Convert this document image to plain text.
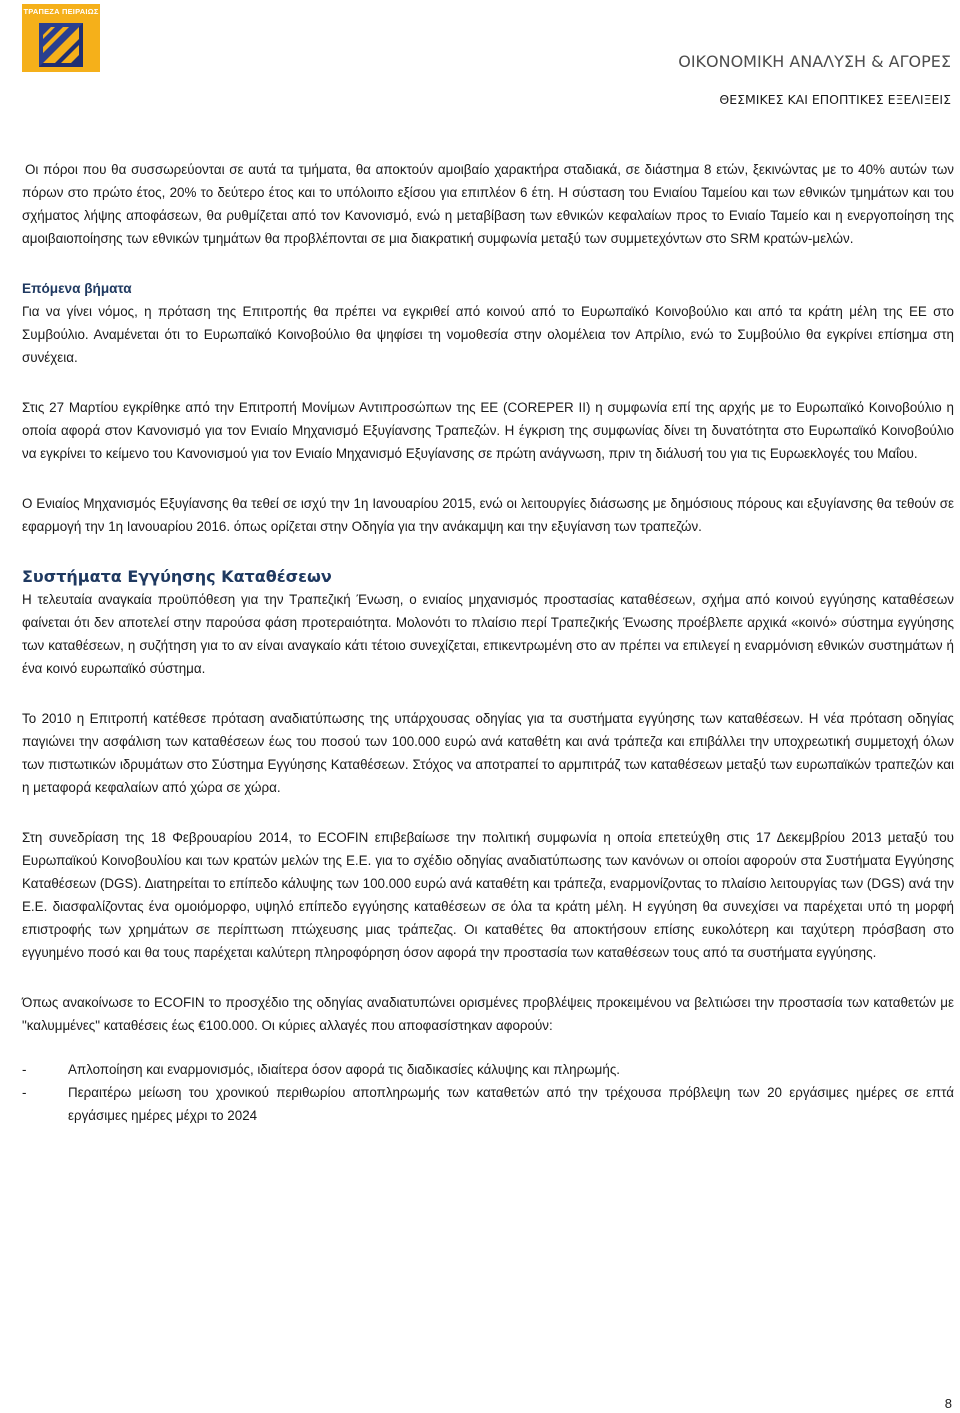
ΤΡΑΠΕΖΑ ΠΕΙΡΑΙΩΣ
ΟΙΚΟΝΟΜΙΚΗ ΑΝΑΛΥΣΗ & ΑΓΟΡΕΣ
ΘΕΣΜΙΚΕΣ ΚΑΙ ΕΠΟΠΤΙΚΕΣ ΕΞΕΛΙΞΕΙΣ

Οι πόροι που θα συσσωρεύονται σε αυτά τα τμήματα, θα αποκτούν αμοιβαίο χαρακτήρα σταδιακά, σε διάστημα 8 ετών, ξεκινώντας με το 40% αυτών των πόρων στο πρώτο έτος, 20% το δεύτερο έτος και το υπόλοιπο εξίσου για επιπλέον 6 έτη. Η σύσταση του Ενιαίου Ταμείου και των εθνικών τμημάτων και του σχήματος λήψης αποφάσεων, θα ρυθμίζεται από τον Κανονισμό, ενώ η μεταβίβαση των εθνικών κεφαλαίων προς το Ενιαίο Ταμείο και η ενεργοποίηση της αμοιβαιοποίησης των εθνικών τμημάτων θα προβλέπονται σε μια διακρατική συμφωνία μεταξύ των συμμετεχόντων στο SRM κρατών-μελών.

Επόμενα βήματα

Για να γίνει νόμος, η πρόταση της Επιτροπής θα πρέπει να εγκριθεί από κοινού από το Ευρωπαϊκό Κοινοβούλιο και από τα κράτη μέλη της ΕΕ στο Συμβούλιο. Αναμένεται ότι το Ευρωπαϊκό Κοινοβούλιο θα ψηφίσει τη νομοθεσία στην ολομέλεια τον Απρίλιο, ενώ το Συμβούλιο θα εγκρίνει επίσημα στη συνέχεια.

Στις 27 Μαρτίου εγκρίθηκε από την Επιτροπή Μονίμων Αντιπροσώπων της ΕΕ (COREPER II) η συμφωνία επί της αρχής με το Ευρωπαϊκό Κοινοβούλιο η οποία αφορά στον Κανονισμό για τον Ενιαίο Μηχανισμό Εξυγίανσης Τραπεζών. Η έγκριση της συμφωνίας δίνει τη δυνατότητα στο Ευρωπαϊκό Κοινοβούλιο να εγκρίνει το κείμενο του Κανονισμού για τον Ενιαίο Μηχανισμό Εξυγίανσης σε πρώτη ανάγνωση, πριν τη διάλυσή του για τις Ευρωεκλογές του Μαΐου.

Ο Ενιαίος Μηχανισμός Εξυγίανσης θα τεθεί σε ισχύ την 1η Ιανουαρίου 2015, ενώ οι λειτουργίες διάσωσης με δημόσιους πόρους και εξυγίανσης θα τεθούν σε εφαρμογή την 1η Ιανουαρίου 2016. όπως ορίζεται στην Οδηγία για την ανάκαμψη και την εξυγίανση των τραπεζών.

Συστήματα Εγγύησης Καταθέσεων

Η τελευταία αναγκαία προϋπόθεση για την Τραπεζική Ένωση, ο ενιαίος μηχανισμός προστασίας καταθέσεων, σχήμα από κοινού εγγύησης καταθέσεων φαίνεται ότι δεν αποτελεί στην παρούσα φάση προτεραιότητα. Μολονότι το πλαίσιο περί Τραπεζικής Ένωσης προέβλεπε αρχικά «κοινό» σύστημα εγγύησης των καταθέσεων, η συζήτηση για το αν είναι αναγκαίο κάτι τέτοιο συνεχίζεται, επικεντρωμένη στο αν πρέπει να επιλεγεί η εναρμόνιση εθνικών συστημάτων ή ένα κοινό ευρωπαϊκό σύστημα.

Το 2010 η Επιτροπή κατέθεσε πρόταση αναδιατύπωσης της υπάρχουσας οδηγίας για τα συστήματα εγγύησης των καταθέσεων. Η νέα πρόταση οδηγίας παγιώνει την ασφάλιση των καταθέσεων έως του ποσού των 100.000 ευρώ ανά καταθέτη και ανά τράπεζα και επιβάλλει την υποχρεωτική συμμετοχή όλων των πιστωτικών ιδρυμάτων στο Σύστημα Εγγύησης Καταθέσεων. Στόχος να αποτραπεί το αρμπιτράζ των καταθέσεων μεταξύ των ευρωπαϊκών τραπεζών και η μεταφορά κεφαλαίων από χώρα σε χώρα.

Στη συνεδρίαση της 18 Φεβρουαρίου 2014, το ECOFIN επιβεβαίωσε την πολιτική συμφωνία η οποία επετεύχθη στις 17 Δεκεμβρίου 2013 μεταξύ του Ευρωπαϊκού Κοινοβουλίου και των κρατών μελών της Ε.Ε. για το σχέδιο οδηγίας αναδιατύπωσης των κανόνων οι οποίοι αφορούν στα Συστήματα Εγγύησης Καταθέσεων (DGS). Διατηρείται το επίπεδο κάλυψης των 100.000 ευρώ ανά καταθέτη και τράπεζα, εναρμονίζοντας το πλαίσιο λειτουργίας των (DGS) ανά την Ε.Ε. διασφαλίζοντας ένα ομοιόμορφο, υψηλό επίπεδο εγγύησης καταθέσεων σε όλα τα κράτη μέλη. Η εγγύηση θα συνεχίσει να παρέχεται υπό τη μορφή επιστροφής των χρημάτων σε περίπτωση πτώχευσης μιας τράπεζας. Οι καταθέτες θα αποκτήσουν επίσης ευκολότερη και ταχύτερη πρόσβαση στο εγγυημένο ποσό και θα τους παρέχεται καλύτερη πληροφόρηση όσον αφορά την προστασία των καταθέσεων τους από τα συστήματα εγγύησης.

Όπως ανακοίνωσε το ECOFIN το προσχέδιο της οδηγίας αναδιατυπώνει ορισμένες προβλέψεις προκειμένου να βελτιώσει την προστασία των καταθετών με "καλυμμένες" καταθέσεις έως €100.000. Οι κύριες αλλαγές που αποφασίστηκαν αφορούν:

-	Απλοποίηση και εναρμονισμός, ιδιαίτερα όσον αφορά τις διαδικασίες κάλυψης και πληρωμής.
-	Περαιτέρω μείωση του χρονικού περιθωρίου αποπληρωμής των καταθετών από την τρέχουσα πρόβλεψη των 20 εργάσιμες ημέρες σε επτά εργάσιμες ημέρες μέχρι το 2024
8
